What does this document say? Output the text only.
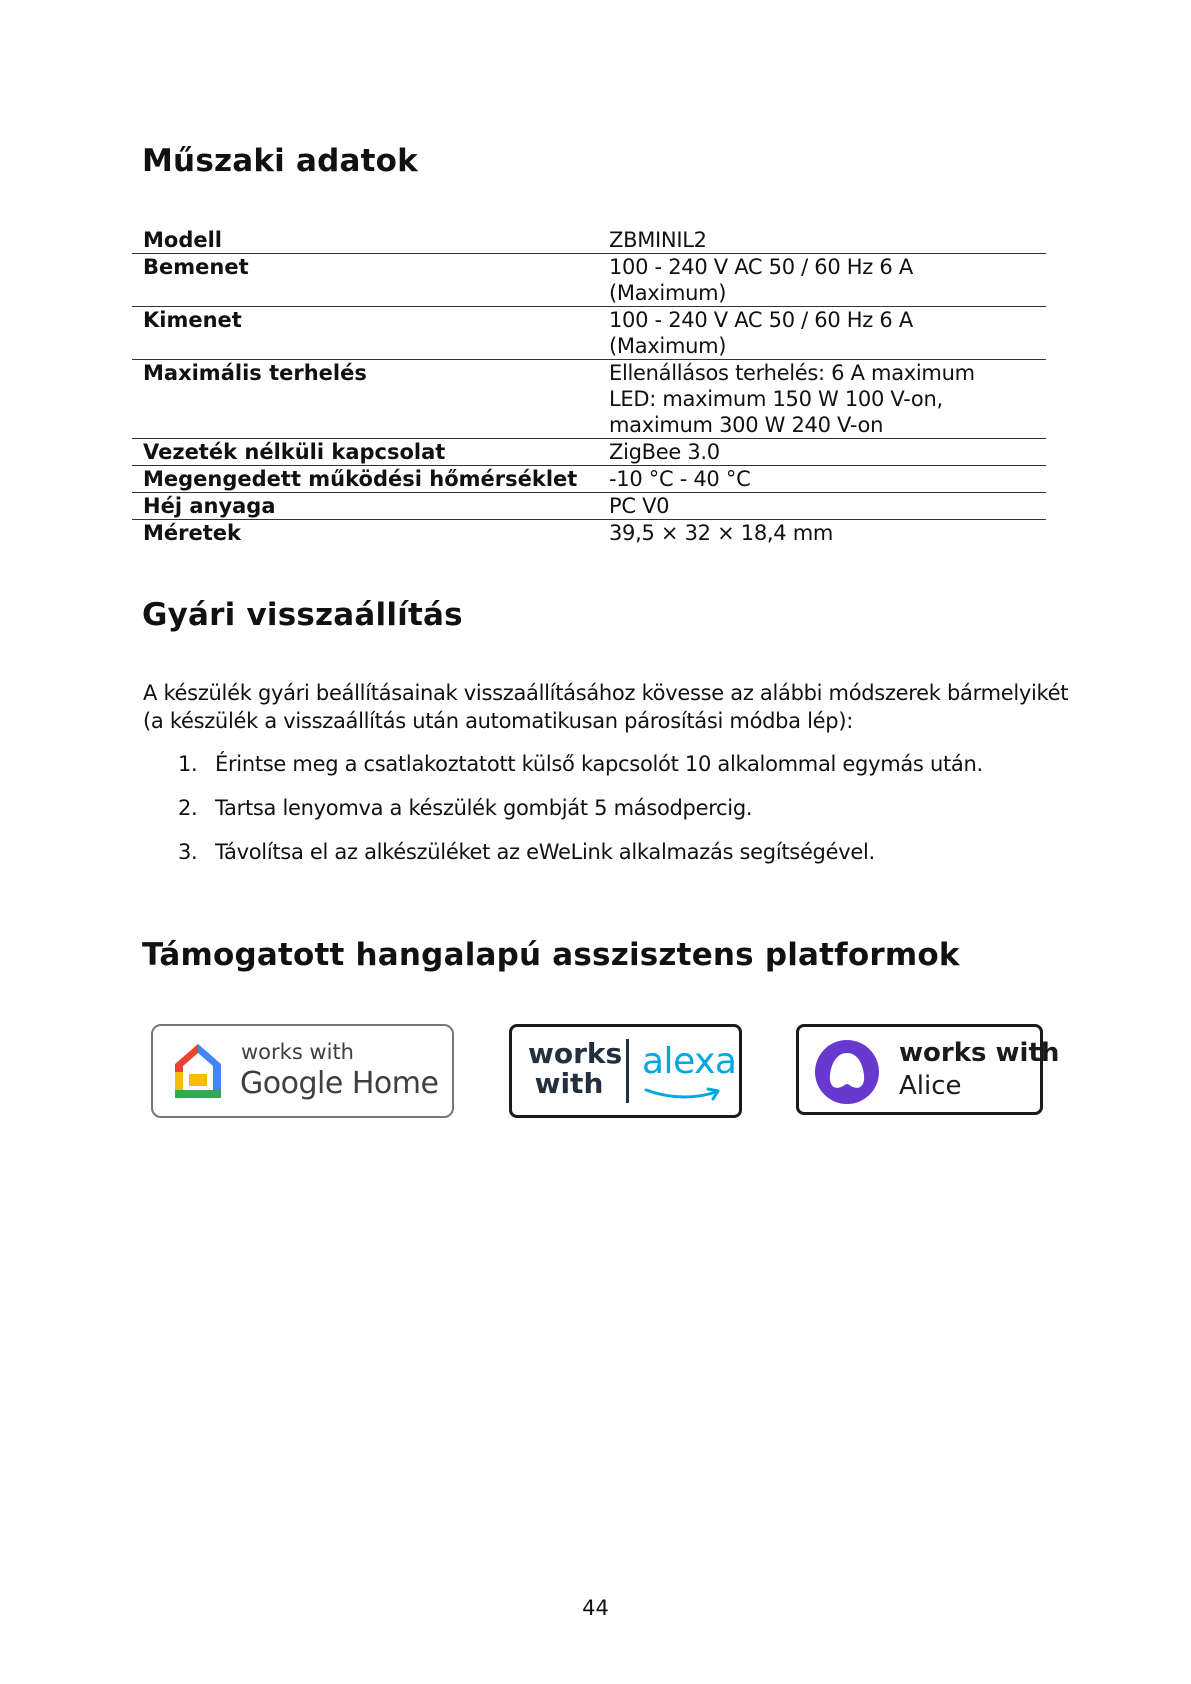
Műszaki adatok
Modell	ZBMINIL2
Bemenet	100 - 240 V AC 50 / 60 Hz 6 A
(Maximum)
Kimenet	100 - 240 V AC 50 / 60 Hz 6 A
(Maximum)
Maximális terhelés	Ellenállásos terhelés: 6 A maximum
LED: maximum 150 W 100 V-on,
maximum 300 W 240 V-on
Vezeték nélküli kapcsolat	ZigBee 3.0
Megengedett működési hőmérséklet	-10 °C - 40 °C
Héj anyaga	PC V0
Méretek	39,5 × 32 × 18,4 mm
Gyári visszaállítás
A készülék gyári beállításainak visszaállításához kövesse az alábbi módszerek bármelyikét
(a készülék a visszaállítás után automatikusan párosítási módba lép):
1. Érintse meg a csatlakoztatott külső kapcsolót 10 alkalommal egymás után.
2. Tartsa lenyomva a készülék gombját 5 másodpercig.
3. Távolítsa el az alkészüléket az eWeLink alkalmazás segítségével.
Támogatott hangalapú asszisztens platformok
works with
Google Home
works
with
alexa	works with
Alice
44
